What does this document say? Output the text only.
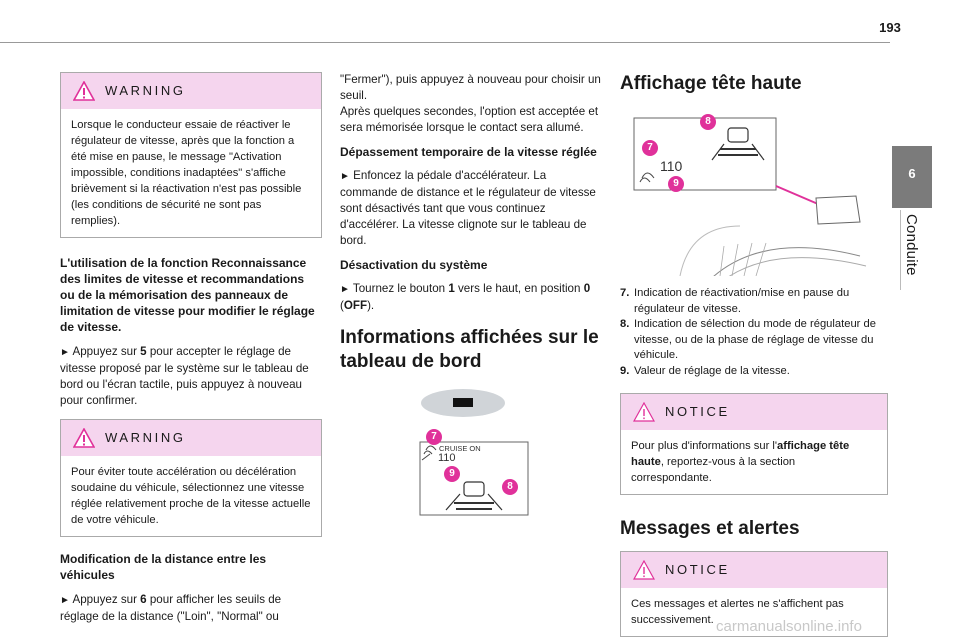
193
6
Conduite
WARNING
Lorsque le conducteur essaie de réactiver le régulateur de vitesse, après que la fonction a été mise en pause, le message "Activation impossible, conditions inadaptées" s'affiche brièvement si la réactivation n'est pas possible (les conditions de sécurité ne sont pas remplies).
L'utilisation de la fonction Reconnaissance des limites de vitesse et recommandations ou de la mémorisation des panneaux de limitation de vitesse pour modifier le réglage de vitesse.
► Appuyez sur 5 pour accepter le réglage de vitesse proposé par le système sur le tableau de bord ou l'écran tactile, puis appuyez à nouveau pour confirmer.
WARNING
Pour éviter toute accélération ou décélération soudaine du véhicule, sélectionnez une vitesse réglée relativement proche de la vitesse actuelle de votre véhicule.
Modification de la distance entre les véhicules
► Appuyez sur 6 pour afficher les seuils de réglage de la distance ("Loin", "Normal" ou
"Fermer"), puis appuyez à nouveau pour choisir un seuil.
Après quelques secondes, l'option est acceptée et sera mémorisée lorsque le contact sera allumé.
Dépassement temporaire de la vitesse réglée
► Enfoncez la pédale d'accélérateur. La commande de distance et le régulateur de vitesse sont désactivés tant que vous continuez d'accélérer. La vitesse clignote sur le tableau de bord.
Désactivation du système
► Tournez le bouton 1 vers le haut, en position 0 (OFF).
Informations affichées sur le tableau de bord
CRUISE ON
110
7
9
8
Affichage tête haute
110
8
7
9
7. Indication de réactivation/mise en pause du régulateur de vitesse.
8. Indication de sélection du mode de régulateur de vitesse, ou de la phase de réglage de vitesse du véhicule.
9. Valeur de réglage de la vitesse.
NOTICE
Pour plus d'informations sur l'affichage tête haute, reportez-vous à la section correspondante.
Messages et alertes
NOTICE
Ces messages et alertes ne s'affichent pas successivement. carmanualsonline.info
